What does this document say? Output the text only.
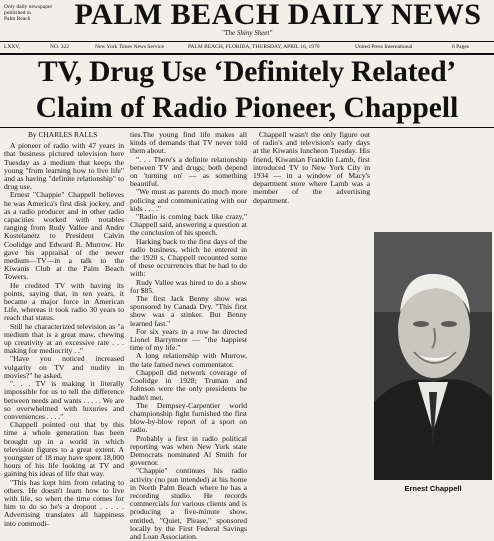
Only daily newspaper
published in
Palm Beach	PALM BEACH DAILY NEWS
"The Shiny Sheet"
LXXV,	NO. 322	New York Times News Service	PALM BEACH, FLORIDA, THURSDAY, APRIL 16, 1970	United Press International	6 Pages
TV, Drug Use ‘Definitely Related’
Claim of Radio Pioneer, Chappell

By CHARLES RALLS

A pioneer of radio with 47 years in that business pictured television here Tuesday as a medium that keeps the young "from learning how to live life" and as having "definite relationship" to drug use.

Ernest "Chappie" Chappell believes he was America's first disk jockey, and as a radio producer and in other radio capacities worked with notables ranging from Rudy Vallee and Andre Kostelanetz to President Calvin Coolidge and Edward R. Murrow. He gave his appraisal of the newer medium—TV—in a talk to the Kiwanis Club at the Palm Beach Towers.

He credited TV with having its points, saying that, in ten years, it became a major force in American Life, whereas it took radio 30 years to reach that status.

Still he characterized television as "a medium that is a great maw, chewing up creativity at an excessive rate . . . making for mediocrity . ."

"Have you noticed increased vulgarity on TV and nudity in movies?" he asked.

". . . TV is making it literally impossible for us to tell the difference between needs and wants . . . . . We are so overwhelmed with luxuries and conveniences . . . ."

Chappell pointed out that by this time a whole generation has been brought up in a world in which television figures to a great extent. A youngster of 18 may have spent 18,000 hours of his life looking at TV and gaining his ideas of life that way.

"This has kept him from relating to others. He doesn't learn how to live with life, so when the time comes for him to do so he's a dropout . . . . . Advertising translates all happiness into commodi-

ties.The young find life makes all kinds of demands that TV never told them about.

". . . There's a definite relationship between TV and drugs; both depend on 'turning on' — as something beautiful.

"We must as parents do much more policing and communicating with our kids . . . ."

"Radio is coming back like crazy," Chappell said, answering a question at the conclusion of his speech.

Harking back to the first days of the radio business, which he entered in the 1920 s, Chappell recounted some of these occurrences that he had to do with:

Rudy Vallee was hired to do a show for $85.

The first Jack Benny show was sponsored by Canada Dry. "This first show was a stinker. But Benny learned fast."

For six years in a row he directed Lionel Barrymore — "the happiest time of my life."

A long relationship with Murrow, the late famed news commentator.

Chappell did network coverage of Coolidge in 1928; Truman and Johnson were the only presidents he hadn't met.

The Dempsey-Carpentier world championship fight furnished the first blow-by-blow report of a sport on radio.

Probably a first in radio political reporting was when New York state Democrats nominated Al Smith for governor.

"Chappie" continues his radio activity (no pun intended) at his home in North Palm Beach where he has a recording studio. He records commercials for various clients and is producing a five-minute show, entitled, "Quiet, Please," sponsored locally by the First Federal Savings and Loan Association.

Chappell wasn't the only figure out of radio's and television's early days at the Kiwanis luncheon Tuesday. His friend, Kiwanian Franklin Lamb, first introduced TV to New York City in 1934 — in a window of Macy's department store where Lamb was a member of the advertising department.

Ernest Chappell
